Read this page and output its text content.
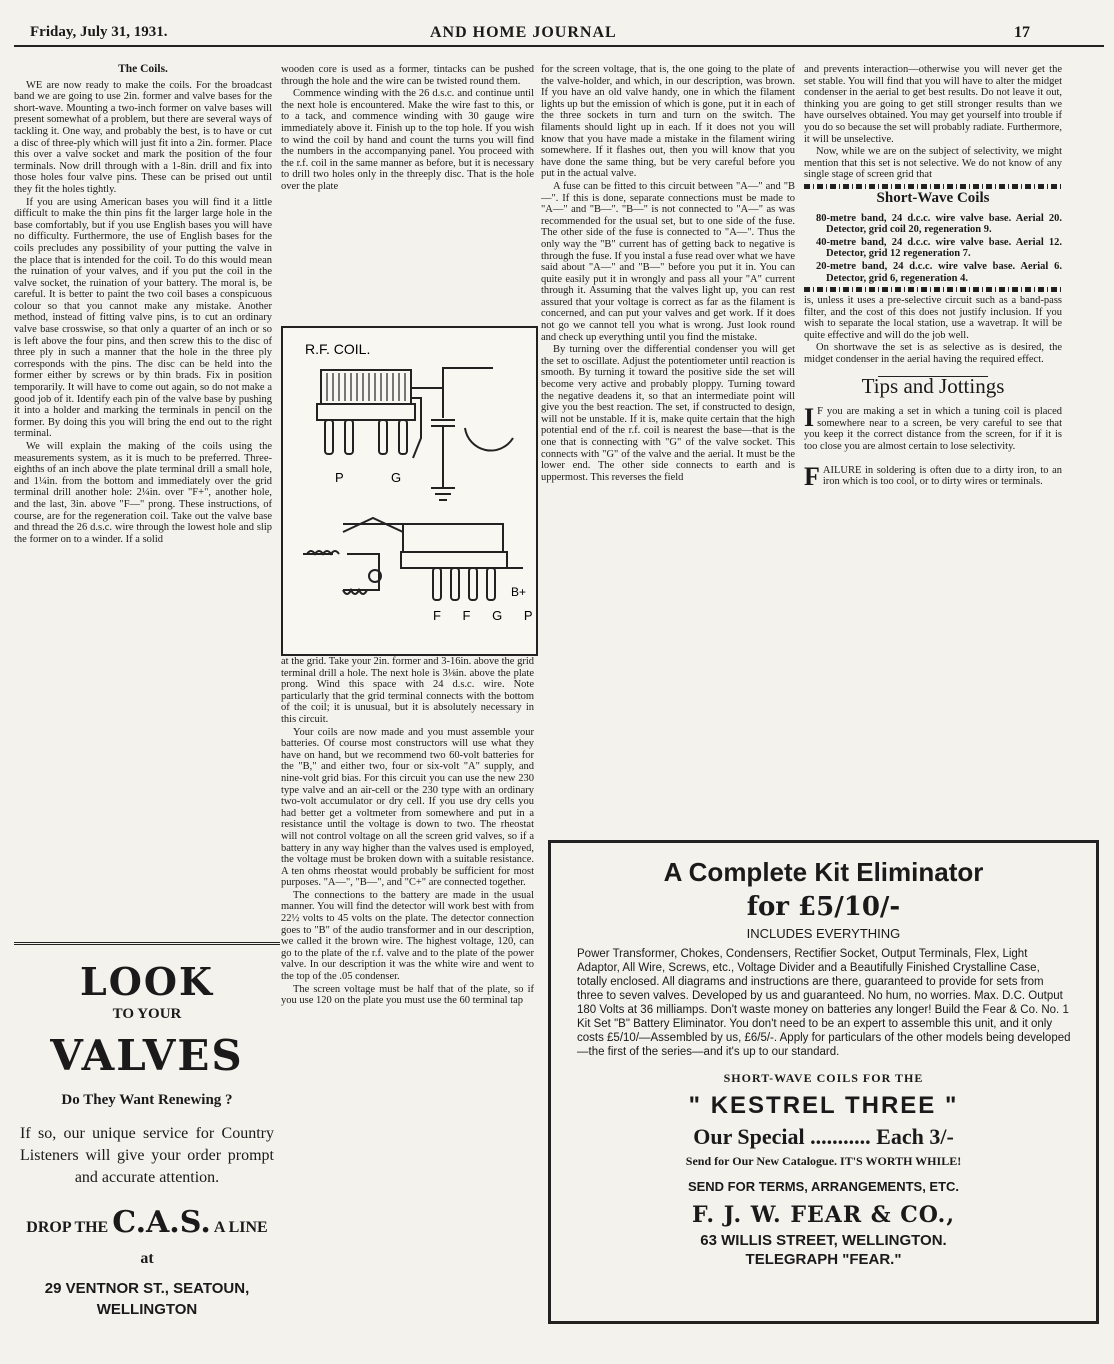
Friday, July 31, 1931.	AND HOME JOURNAL	17
The Coils.

WE are now ready to make the coils. For the broadcast band we are going to use 2in. former and valve bases for the short-wave. Mounting a two-inch former on valve bases will present somewhat of a problem, but there are several ways of tackling it. One way, and probably the best, is to have or cut a disc of three-ply which will just fit into a 2in. former. Place this over a valve socket and mark the position of the four terminals. Now drill through with a 1-8in. drill and fix into those holes four valve pins. These can be prised out until they fit the holes tightly.

If you are using American bases you will find it a little difficult to make the thin pins fit the larger large hole in the base comfortably, but if you use English bases you will have no difficulty. Furthermore, the use of English bases for the coils precludes any possibility of your putting the valve in the place that is intended for the coil. To do this would mean the ruination of your valves, and if you put the coil in the valve socket, the ruination of your battery. The moral is, be careful. It is better to paint the two coil bases a conspicuous colour so that you cannot make any mistake. Another method, instead of fitting valve pins, is to cut an ordinary valve base crosswise, so that only a quarter of an inch or so is left above the four pins, and then screw this to the disc of three ply in such a manner that the hole in the three ply corresponds with the pins. The disc can be held into the former either by screws or by thin brads. Fix in position temporarily. It will have to come out again, so do not make a good job of it. Identify each pin of the valve base by pushing it into a holder and marking the terminals in pencil on the former. By doing this you will bring the end out to the right terminal.

We will explain the making of the coils using the measurements system, as it is much to be preferred. Three-eighths of an inch above the plate terminal drill a small hole, and 1¼in. from the bottom and immediately over the grid terminal drill another hole: 2¼in. over "F+", another hole, and the last, 3in. above "F—" prong. These instructions, of course, are for the regeneration coil. Take out the valve base and thread the 26 d.s.c. wire through the lowest hole and slip the former on to a winder. If a solid

wooden core is used as a former, tintacks can be pushed through the hole and the wire can be twisted round them.

Commence winding with the 26 d.s.c. and continue until the next hole is encountered. Make the wire fast to this, or to a tack, and commence winding with 30 gauge wire immediately above it. Finish up to the top hole. If you wish to wind the coil by hand and count the turns you will find the numbers in the accompanying panel. You proceed with the r.f. coil in the same manner as before, but it is necessary to drill two holes only in the threeply disc. That is the hole over the plate

R.F. COIL.
P G
B+
F F G P

at the grid. Take your 2in. former and 3-16in. above the grid terminal drill a hole. The next hole is 3⅛in. above the plate prong. Wind this space with 24 d.s.c. wire. Note particularly that the grid terminal connects with the bottom of the coil; it is unusual, but it is absolutely necessary in this circuit.

Your coils are now made and you must assemble your batteries. Of course most constructors will use what they have on hand, but we recommend two 60-volt batteries for the "B," and either two, four or six-volt "A" supply, and nine-volt grid bias. For this circuit you can use the new 230 type valve and an air-cell or the 230 type with an ordinary two-volt accumulator or dry cell. If you use dry cells you had better get a voltmeter from somewhere and put in a resistance until the voltage is down to two. The rheostat will not control voltage on all the screen grid valves, so if a battery in any way higher than the valves used is employed, the voltage must be broken down with a suitable resistance. A ten ohms rheostat would probably be sufficient for most purposes. "A—", "B—", and "C+" are connected together.

The connections to the battery are made in the usual manner. You will find the detector will work best with from 22½ volts to 45 volts on the plate. The detector connection goes to "B" of the audio transformer and in our description, we called it the brown wire. The highest voltage, 120, can go to the plate of the r.f. valve and to the plate of the power valve. In our description it was the white wire and went to the top of the .05 condenser.

The screen voltage must be half that of the plate, so if you use 120 on the plate you must use the 60 terminal tap

for the screen voltage, that is, the one going to the plate of the valve-holder, and which, in our description, was brown. If you have an old valve handy, one in which the filament lights up but the emission of which is gone, put it in each of the three sockets in turn and turn on the switch. The filaments should light up in each. If it does not you will know that you have made a mistake in the filament wiring somewhere. If it flashes out, then you will know that you have done the same thing, but be very careful before you put in the actual valve.

A fuse can be fitted to this circuit between "A—" and "B—". If this is done, separate connections must be made to "A—" and "B—". "B—" is not connected to "A—" as was recommended for the usual set, but to one side of the fuse. The other side of the fuse is connected to "A—". Thus the only way the "B" current has of getting back to negative is through the fuse. If you instal a fuse read over what we have said about "A—" and "B—" before you put it in. You can quite easily put it in wrongly and pass all your "A" current through it. Assuming that the valves light up, you can rest assured that your voltage is correct as far as the filament is concerned, and can put your valves and get work. If it does not go we cannot tell you what is wrong. Just look round and check up everything until you find the mistake.

By turning over the differential condenser you will get the set to oscillate. Adjust the potentiometer until reaction is smooth. By turning it toward the positive side the set will become very active and probably ploppy. Turning toward the negative deadens it, so that an intermediate point will give you the best reaction. The set, if constructed to design, will not be unstable. If it is, make quite certain that the high potential end of the r.f. coil is nearest the base—that is the one that is connecting with "G" of the valve socket. This connects with "G" of the valve and the aerial. It must be the lower end. The other side connects to earth and is uppermost. This reverses the field

and prevents interaction—otherwise you will never get the set stable. You will find that you will have to alter the midget condenser in the aerial to get best results. Do not leave it out, thinking you are going to get still stronger results than we have ourselves obtained. You may get yourself into trouble if you do so because the set will probably radiate. Furthermore, it will be unselective.

Now, while we are on the subject of selectivity, we might mention that this set is not selective. We do not know of any single stage of screen grid that

Short-Wave Coils

80-metre band, 24 d.c.c. wire valve base. Aerial 20. Detector, grid coil 20, regeneration 9.

40-metre band, 24 d.c.c. wire valve base. Aerial 12. Detector, grid 12 regeneration 7.

20-metre band, 24 d.c.c. wire valve base. Aerial 6. Detector, grid 6, regeneration 4.

is, unless it uses a pre-selective circuit such as a band-pass filter, and the cost of this does not justify inclusion. If you wish to separate the local station, use a wavetrap. It will be quite effective and will do the job well.

On shortwave the set is as selective as is desired, the midget condenser in the aerial having the required effect.

Tips and Jottings

I F you are making a set in which a tuning coil is placed somewhere near to a screen, be very careful to see that you keep it the correct distance from the screen, for if it is too close you are almost certain to lose selectivity.

FAILURE in soldering is often due to a dirty iron, to an iron which is too cool, or to dirty wires or terminals.

LOOK
TO YOUR
VALVES
Do They Want Renewing ?
If so, our unique service for Country Listeners will give your order prompt and accurate attention.
DROP THE C.A.S. A LINE
at
29 VENTNOR ST., SEATOUN,
WELLINGTON
A Complete Kit Eliminator
for £5/10/-
INCLUDES EVERYTHING
Power Transformer, Chokes, Condensers, Rectifier Socket, Output Terminals, Flex, Light Adaptor, All Wire, Screws, etc., Voltage Divider and a Beautifully Finished Crystalline Case, totally enclosed. All diagrams and instructions are there, guaranteed to provide for sets from three to seven valves. Developed by us and guaranteed. No hum, no worries. Max. D.C. Output 180 Volts at 36 milliamps. Don't waste money on batteries any longer! Build the Fear & Co. No. 1 Kit Set "B" Battery Eliminator. You don't need to be an expert to assemble this unit, and it only costs £5/10/—Assembled by us, £6/5/-. Apply for particulars of the other models being developed—the first of the series—and it's up to our standard.
SHORT-WAVE COILS FOR THE
" KESTREL THREE "
Our Special ........... Each 3/-
Send for Our New Catalogue. IT'S WORTH WHILE!
SEND FOR TERMS, ARRANGEMENTS, ETC.
F. J. W. FEAR & CO.,
63 WILLIS STREET, WELLINGTON.
TELEGRAPH "FEAR."
